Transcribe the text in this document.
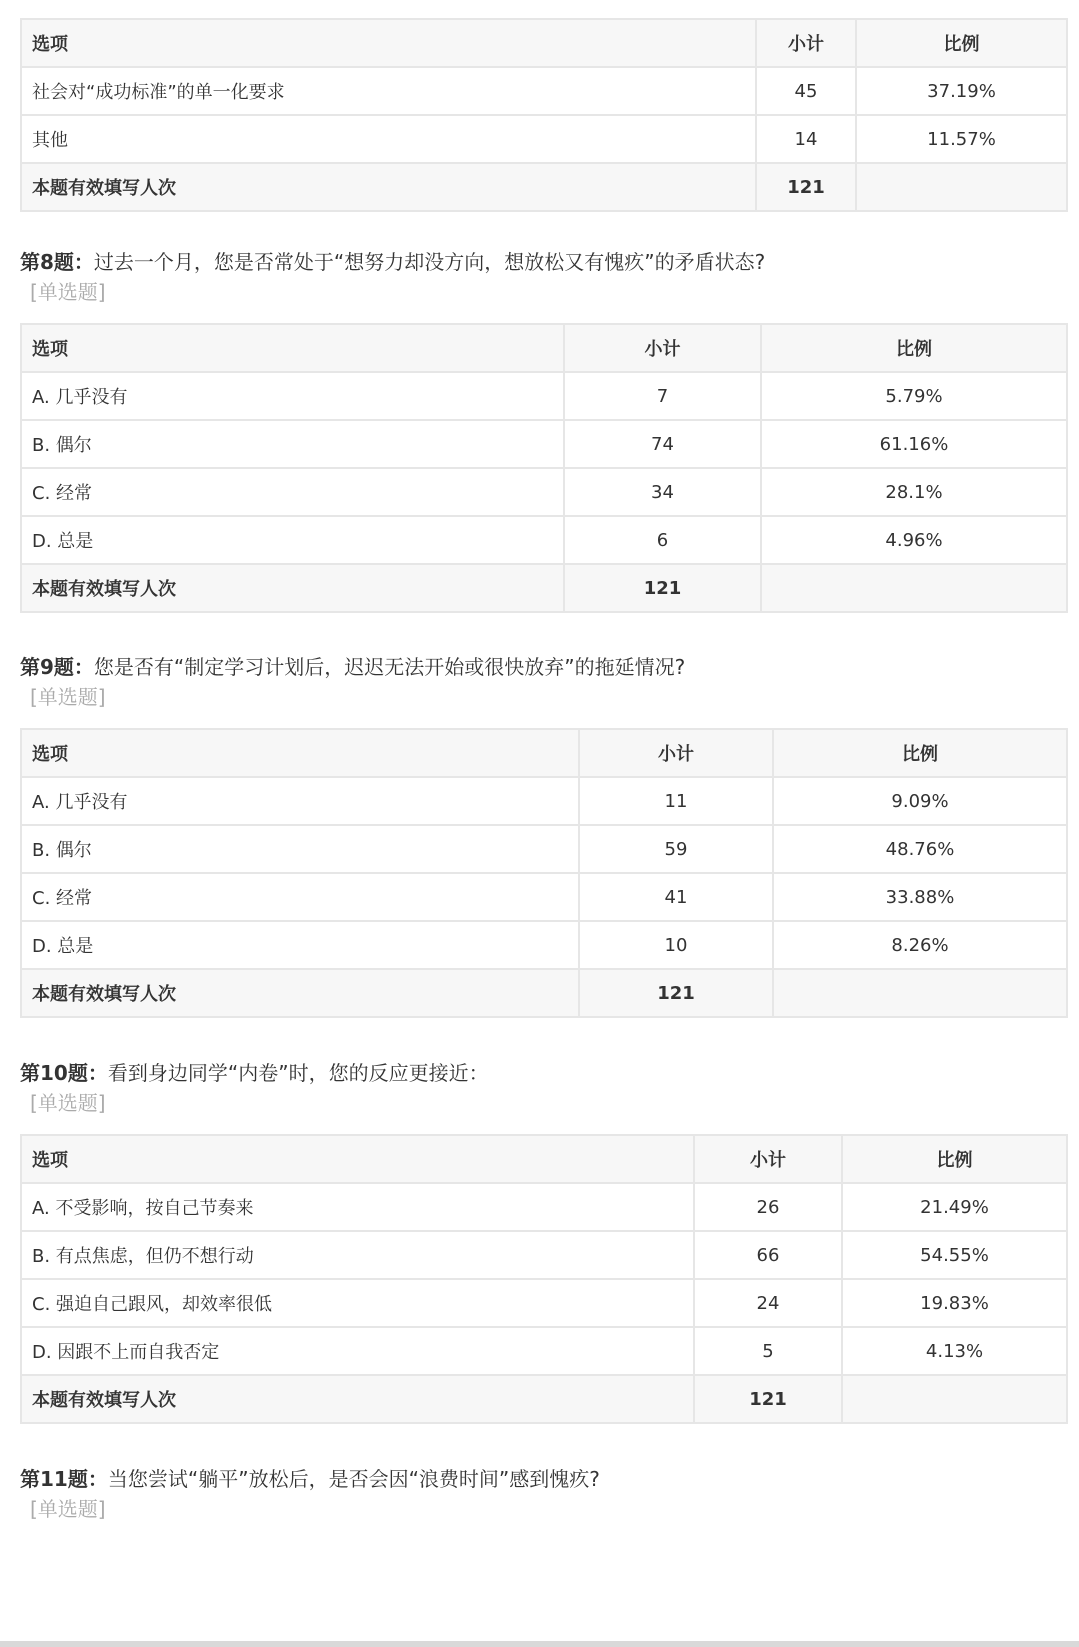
选项	小计	比例
社会对“成功标准”的单一化要求	45	37.19%
其他	14	11.57%
本题有效填写人次	121	
第8题：过去一个月，您是否常处于“想努力却没方向，想放松又有愧疚”的矛盾状态?
[单选题]
选项	小计	比例
A. 几乎没有	7	5.79%
B. 偶尔	74	61.16%
C. 经常	34	28.1%
D. 总是	6	4.96%
本题有效填写人次	121	
第9题：您是否有“制定学习计划后，迟迟无法开始或很快放弃”的拖延情况?
[单选题]
选项	小计	比例
A. 几乎没有	11	9.09%
B. 偶尔	59	48.76%
C. 经常	41	33.88%
D. 总是	10	8.26%
本题有效填写人次	121	
第10题：看到身边同学“内卷”时，您的反应更接近：
[单选题]
选项	小计	比例
A. 不受影响，按自己节奏来	26	21.49%
B. 有点焦虑，但仍不想行动	66	54.55%
C. 强迫自己跟风，却效率很低	24	19.83%
D. 因跟不上而自我否定	5	4.13%
本题有效填写人次	121	
第11题：当您尝试“躺平”放松后，是否会因“浪费时间”感到愧疚?
[单选题]
